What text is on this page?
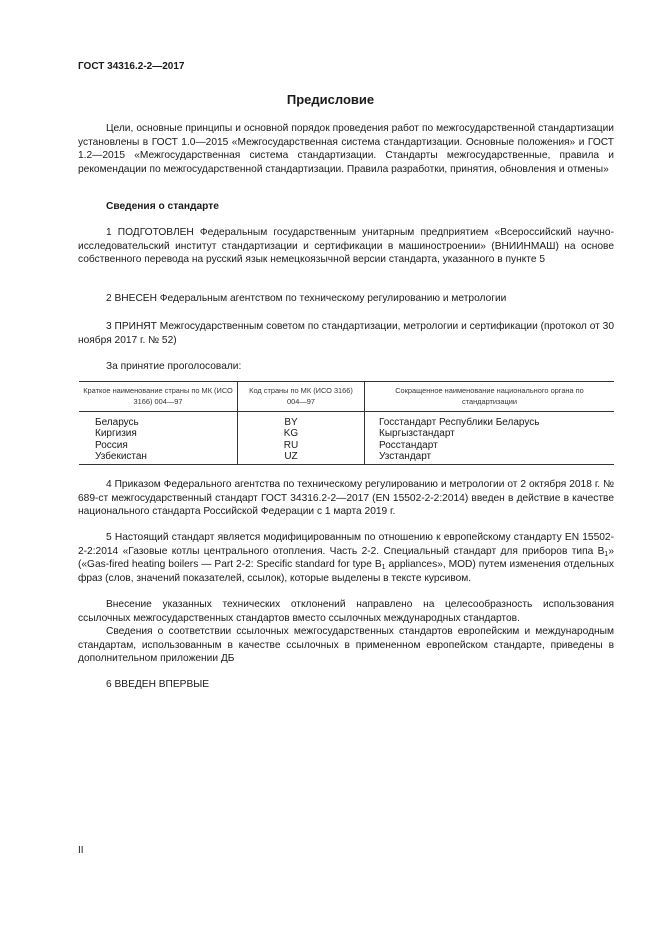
ГОСТ 34316.2-2—2017
Предисловие
Цели, основные принципы и основной порядок проведения работ по межгосударственной стандартизации установлены в ГОСТ 1.0—2015 «Межгосударственная система стандартизации. Основные положения» и ГОСТ 1.2—2015 «Межгосударственная система стандартизации. Стандарты межгосударственные, правила и рекомендации по межгосударственной стандартизации. Правила разработки, принятия, обновления и отмены»
Сведения о стандарте
1 ПОДГОТОВЛЕН Федеральным государственным унитарным предприятием «Всероссийский научно-исследовательский институт стандартизации и сертификации в машиностроении» (ВНИИНМАШ) на основе собственного перевода на русский язык немецкоязычной версии стандарта, указанного в пункте 5
2 ВНЕСЕН Федеральным агентством по техническому регулированию и метрологии
3 ПРИНЯТ Межгосударственным советом по стандартизации, метрологии и сертификации (протокол от 30 ноября 2017 г. № 52)
За принятие проголосовали:
Краткое наименование страны по МК (ИСО 3166) 004—97	Код страны по МК (ИСО 3166) 004—97	Сокращенное наименование национального органа по стандартизации
Беларусь	BY	Госстандарт Республики Беларусь
Киргизия	KG	Кыргызстандарт
Россия	RU	Росстандарт
Узбекистан	UZ	Узстандарт
4 Приказом Федерального агентства по техническому регулированию и метрологии от 2 октября 2018 г. № 689-ст межгосударственный стандарт ГОСТ 34316.2-2—2017 (EN 15502-2-2:2014) введен в действие в качестве национального стандарта Российской Федерации с 1 марта 2019 г.
5 Настоящий стандарт является модифицированным по отношению к европейскому стандарту EN 15502-2-2:2014 «Газовые котлы центрального отопления. Часть 2-2. Специальный стандарт для приборов типа $B_1$» («Gas-fired heating boilers — Part 2-2: Specific standard for type $B_1$ appliances», MOD) путем изменения отдельных фраз (слов, значений показателей, ссылок), которые выделены в тексте курсивом.
Внесение указанных технических отклонений направлено на целесообразность использования ссылочных межгосударственных стандартов вместо ссылочных международных стандартов.
Сведения о соответствии ссылочных межгосударственных стандартов европейским и международным стандартам, использованным в качестве ссылочных в примененном европейском стандарте, приведены в дополнительном приложении ДБ
6 ВВЕДЕН ВПЕРВЫЕ
II
